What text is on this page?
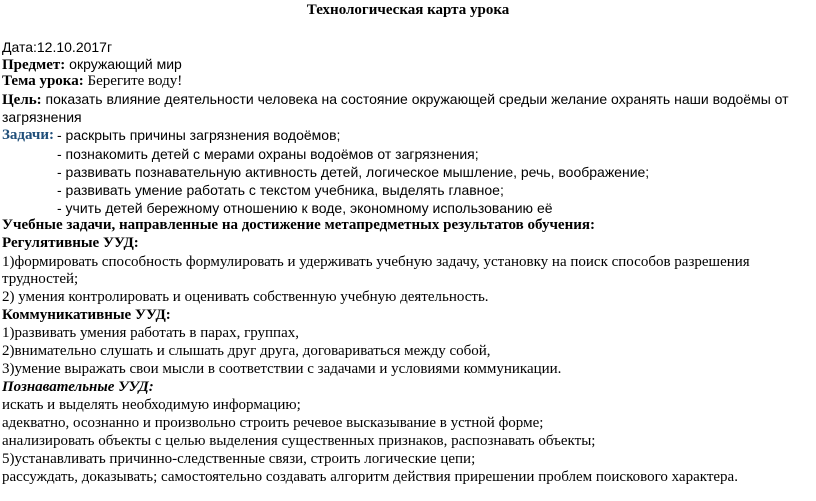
Технологическая карта урока
Дата:12.10.2017г
Предмет: окружающий мир
Тема урока: Берегите воду!
Цель: показать влияние деятельности человека на состояние окружающей средыи желание охранять наши водоёмы от
загрязнения
Задачи: - раскрыть причины загрязнения водоёмов;
- познакомить детей с мерами охраны водоёмов от загрязнения;
- развивать познавательную активность детей, логическое мышление, речь, воображение;
- развивать умение работать с текстом учебника, выделять главное;
- учить детей бережному отношению к воде, экономному использованию её
Учебные задачи, направленные на достижение метапредметных результатов обучения:
Регулятивные УУД:
1)формировать способность формулировать и удерживать учебную задачу, установку на поиск способов разрешения
трудностей;
2) умения контролировать и оценивать собственную учебную деятельность.
Коммуникативные УУД:
1)развивать умения работать в парах, группах,
2)внимательно слушать и слышать друг друга, договариваться между собой,
3)умение выражать свои мысли в соответствии с задачами и условиями коммуникации.
Познавательные УУД:
искать и выделять необходимую информацию;
адекватно, осознанно и произвольно строить речевое высказывание в устной форме;
анализировать объекты с целью выделения существенных признаков, распознавать объекты;
5)устанавливать причинно-следственные связи, строить логические цепи;
рассуждать, доказывать; самостоятельно создавать алгоритм действия прирешении проблем поискового характера.
